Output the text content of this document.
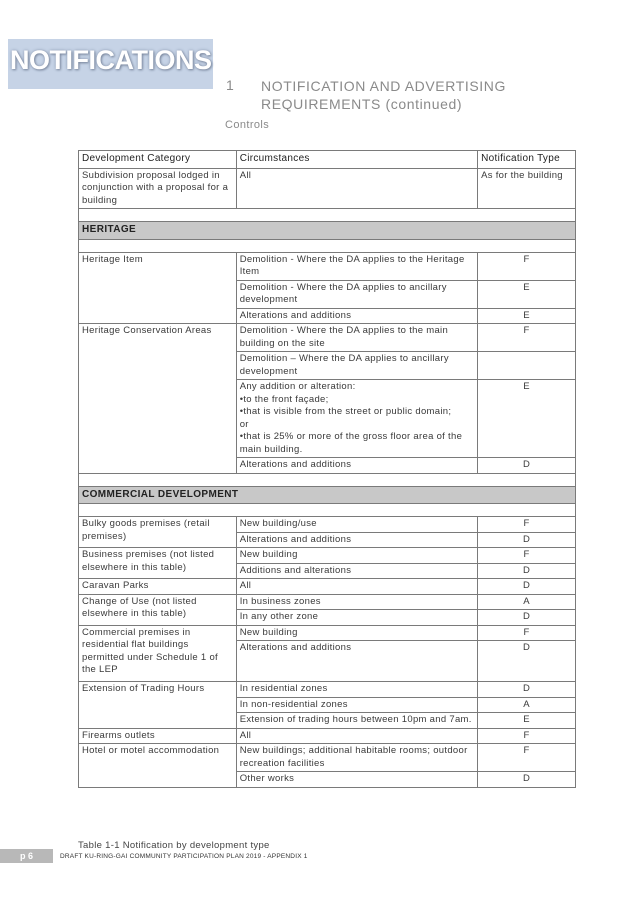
NOTIFICATIONS
1 NOTIFICATION AND ADVERTISING REQUIREMENTS (continued)
Controls
Development Category	Circumstances	Notification Type
Subdivision proposal lodged in conjunction with a proposal for a building	All	As for the building

HERITAGE		

Heritage Item	Demolition - Where the DA applies to the Heritage Item	F
	Demolition - Where the DA applies to ancillary development	E
	Alterations and additions	E
Heritage Conservation Areas	Demolition - Where the DA applies to the main building on the site	F
	Demolition – Where the DA applies to ancillary development	

	Any addition or alteration:
•to the front façade;
•that is visible from the street or public domain;
or
•that is 25% or more of the gross floor area of the main building.	E
	Alterations and additions	D

COMMERCIAL DEVELOPMENT		

Bulky goods premises (retail premises)	New building/use	F
	Alterations and additions	D
Business premises (not listed elsewhere in this table)	New building	F
	Additions and alterations	D
Caravan Parks	All	D
Change of Use (not listed elsewhere in this table)	In business zones	A
	In any other zone	D
Commercial premises in residential flat buildings permitted under Schedule 1 of the LEP	New building	F
	Alterations and additions	D
Extension of Trading Hours	In residential zones	D
	In non-residential zones	A
	Extension of trading hours between 10pm and 7am.	E
Firearms outlets	All	F
Hotel or motel accommodation	New buildings; additional habitable rooms; outdoor recreation facilities	F
	Other works	D
Table 1-1 Notification by development type
p 6	DRAFT KU-RING-GAI COMMUNITY PARTICIPATION PLAN 2019 - APPENDIX 1
